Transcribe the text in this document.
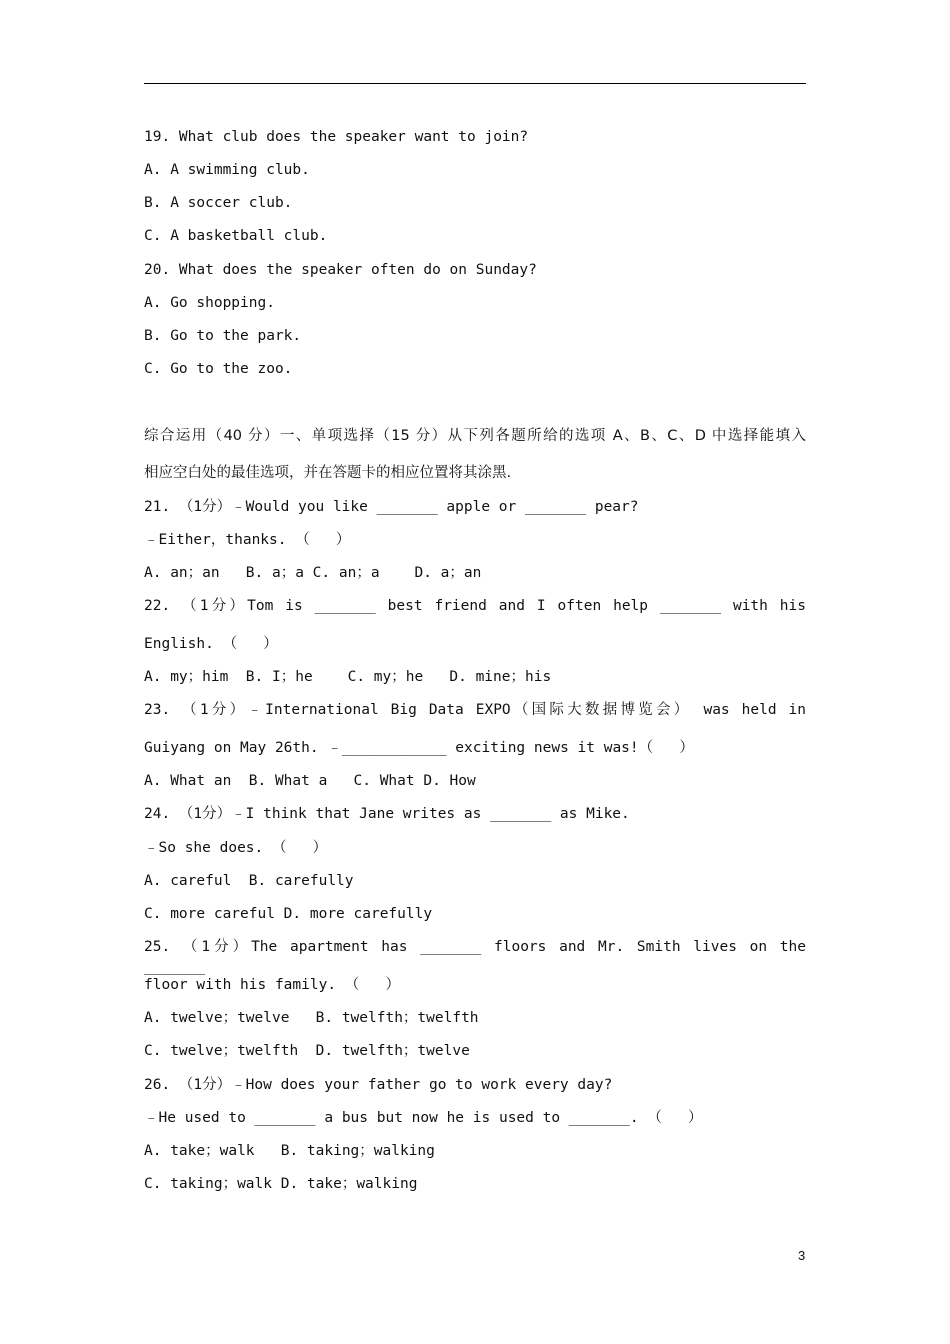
19. What club does the speaker want to join?
A. A swimming club.
B. A soccer club.
C. A basketball club.
20. What does the speaker often do on Sunday?
A. Go shopping.
B. Go to the park.
C. Go to the zoo.
综合运用（40 分）一、单项选择（15 分）从下列各题所给的选项 A、B、C、D 中选择能填入
相应空白处的最佳选项，并在答题卡的相应位置将其涂黑.
21. （1分）﹣Would you like _______ apple or _______ pear?
﹣Either，thanks. （   ）
A. an；an   B. a；a C. an；a    D. a；an
22. （1分）Tom is _______ best friend and I often help _______ with his
English. （   ）
A. my；him  B. I；he    C. my；he   D. mine；his
23. （1分）﹣International Big Data EXPO（国际大数据博览会） was held in
Guiyang on May 26th. ﹣____________ exciting news it was!（   ）
A. What an  B. What a   C. What D. How
24. （1分）﹣I think that Jane writes as _______ as Mike.
﹣So she does. （   ）
A. careful  B. carefully
C. more careful D. more carefully
25. （1分）The apartment has _______ floors and Mr. Smith lives on the _______
floor with his family. （   ）
A. twelve；twelve   B. twelfth；twelfth
C. twelve；twelfth  D. twelfth；twelve
26. （1分）﹣How does your father go to work every day?
﹣He used to _______ a bus but now he is used to _______. （   ）
A. take；walk   B. taking；walking
C. taking；walk D. take；walking
3
